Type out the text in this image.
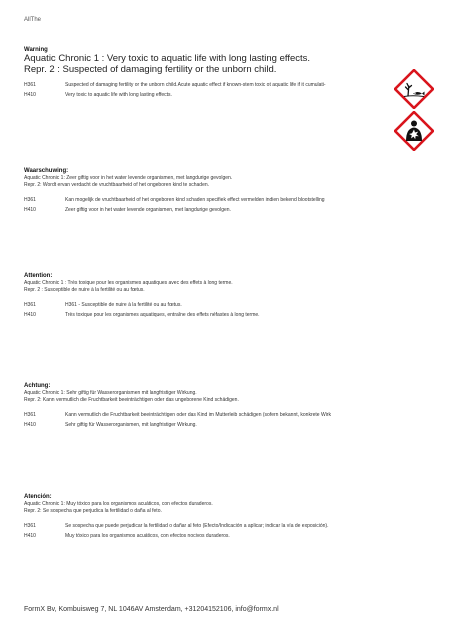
AllThe
Warning
Aquatic Chronic 1 : Very toxic to aquatic life with long lasting effects.
Repr. 2 : Suspected of damaging fertility or the unborn child.
H361	Suspected of damaging fertility or the unborn child.Acute aquatic effect if known-stem toxic ot aquatic life if it cumulati-
H410	Very toxic to aquatic life with long lasting effects.
Waarschuwing:
Aquatic Chronic 1: Zeer giftig voor in het water levende organismen, met langdurige gevolgen.
Repr. 2: Wordt ervan verdacht de vruchtbaarheid of het ongeboren kind te schaden.
H361	Kan mogelijk de vruchtbaarheid of het ongeboren kind schaden specifiek effect vermelden indien bekend blootstelling
H410	Zeer giftig voor in het water levende organismen, met langdurige gevolgen.
Attention:
Aquatic Chronic 1 : Très toxique pour les organismes aquatiques avec des effets à long terme.
Repr. 2 : Susceptible de nuire à la fertilité ou au fœtus.
H361	H361 - Susceptible de nuire à la fertilité ou au fœtus.
H410	Très toxique pour les organismes aquatiques, entraîne des effets néfastes à long terme.
Achtung:
Aquatic Chronic 1: Sehr giftig für Wasserorganismen mit langfristiger Wirkung.
Repr. 2: Kann vermutlich die Fruchtbarkeit beeinträchtigen oder das ungeborene Kind schädigen.
H361	Kann vermutlich die Fruchtbarkeit beeinträchtigen oder das Kind im Mutterleib schädigen (sofern bekannt, konkrete Wirk
H410	Sehr giftig für Wasserorganismen, mit langfristiger Wirkung.
Atención:
Aquatic Chronic 1: Muy tóxico para los organismos acuáticos, con efectos duraderos.
Repr. 2: Se sospecha que perjudica la fertilidad o daña al feto.
H361	Se sospecha que puede perjudicar la fertilidad o dañar al feto (Efecto/Indicación a aplicar; indicar la vía de exposición).
H410	Muy tóxico para los organismos acuáticos, con efectos nocivos duraderos.
FormX Bv, Kombuisweg 7, NL 1046AV Amsterdam, +31204152106, info@formx.nl
